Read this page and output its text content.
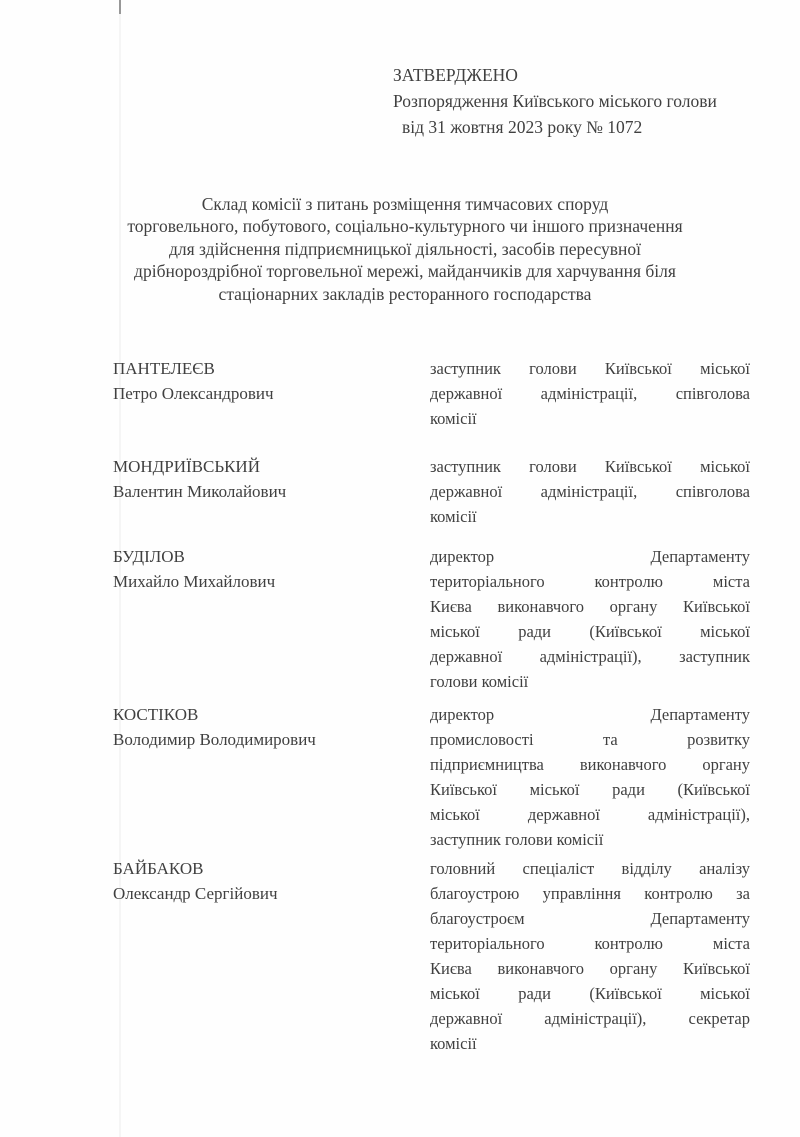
ЗАТВЕРДЖЕНО
Розпорядження Київського міського голови
від 31 жовтня 2023 року № 1072
Склад комісії з питань розміщення тимчасових споруд
торговельного, побутового, соціально-культурного чи іншого призначення
для здійснення підприємницької діяльності, засобів пересувної
дрібнороздрібної торговельної мережі, майданчиків для харчування біля
стаціонарних закладів ресторанного господарства
ПАНТЕЛЕЄВ
Петро Олександрович
заступник голови Київської міської
державної адміністрації, співголова
комісії
МОНДРИЇВСЬКИЙ
Валентин Миколайович
заступник голови Київської міської
державної адміністрації, співголова
комісії
БУДІЛОВ
Михайло Михайлович
директор Департаменту
територіального контролю міста
Києва виконавчого органу Київської
міської ради (Київської міської
державної адміністрації), заступник
голови комісії
КОСТІКОВ
Володимир Володимирович
директор Департаменту
промисловості та розвитку
підприємництва виконавчого органу
Київської міської ради (Київської
міської державної адміністрації),
заступник голови комісії
БАЙБАКОВ
Олександр Сергійович
головний спеціаліст відділу аналізу
благоустрою управління контролю за
благоустроєм Департаменту
територіального контролю міста
Києва виконавчого органу Київської
міської ради (Київської міської
державної адміністрації), секретар
комісії
